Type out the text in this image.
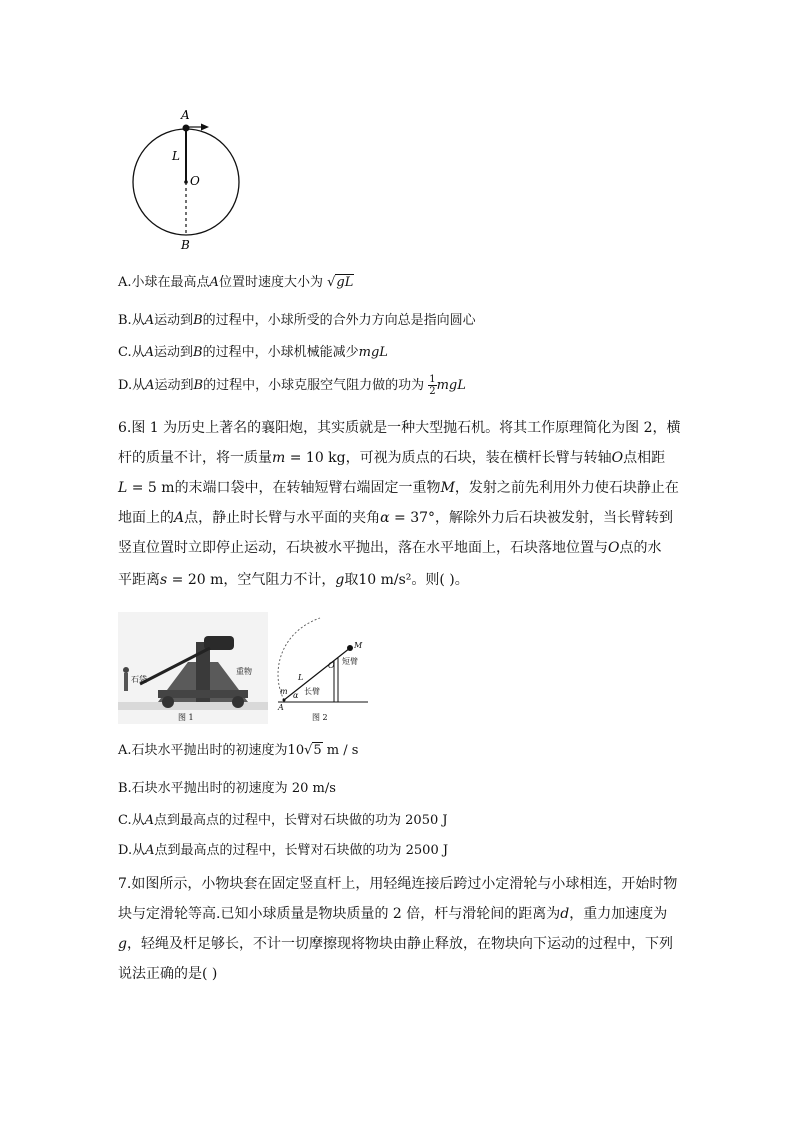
A
L
O
B
A.小球在最高点A位置时速度大小为 √gL
B.从A运动到B的过程中，小球所受的合外力方向总是指向圆心
C.从A运动到B的过程中，小球机械能减少mgL
D.从A运动到B的过程中，小球克服空气阻力做的功为 $\frac{1}{2}$ mgL
6.图 1 为历史上著名的襄阳炮，其实质就是一种大型抛石机。将其工作原理简化为图 2，横
杆的质量不计，将一质量m = 10 kg，可视为质点的石块，装在横杆长臂与转轴O点相距
L = 5 m的末端口袋中，在转轴短臂右端固定一重物M，发射之前先利用外力使石块静止在
地面上的A点，静止时长臂与水平面的夹角α = 37°，解除外力后石块被发射，当长臂转到
竖直位置时立即停止运动，石块被水平抛出，落在水平地面上，石块落地位置与O点的水
平距离s = 20 m，空气阻力不计，g取10 m/s²。则( )。
石袋
重物
图 1
M
短臂
O
L
m α 长臂
A
图 2
A.石块水平抛出时的初速度为10√5 m / s
B.石块水平抛出时的初速度为 20 m/s
C.从A点到最高点的过程中，长臂对石块做的功为 2050 J
D.从A点到最高点的过程中，长臂对石块做的功为 2500 J
7.如图所示，小物块套在固定竖直杆上，用轻绳连接后跨过小定滑轮与小球相连，开始时物
块与定滑轮等高.已知小球质量是物块质量的 2 倍，杆与滑轮间的距离为d，重力加速度为
g，轻绳及杆足够长，不计一切摩擦现将物块由静止释放，在物块向下运动的过程中，下列
说法正确的是( )
